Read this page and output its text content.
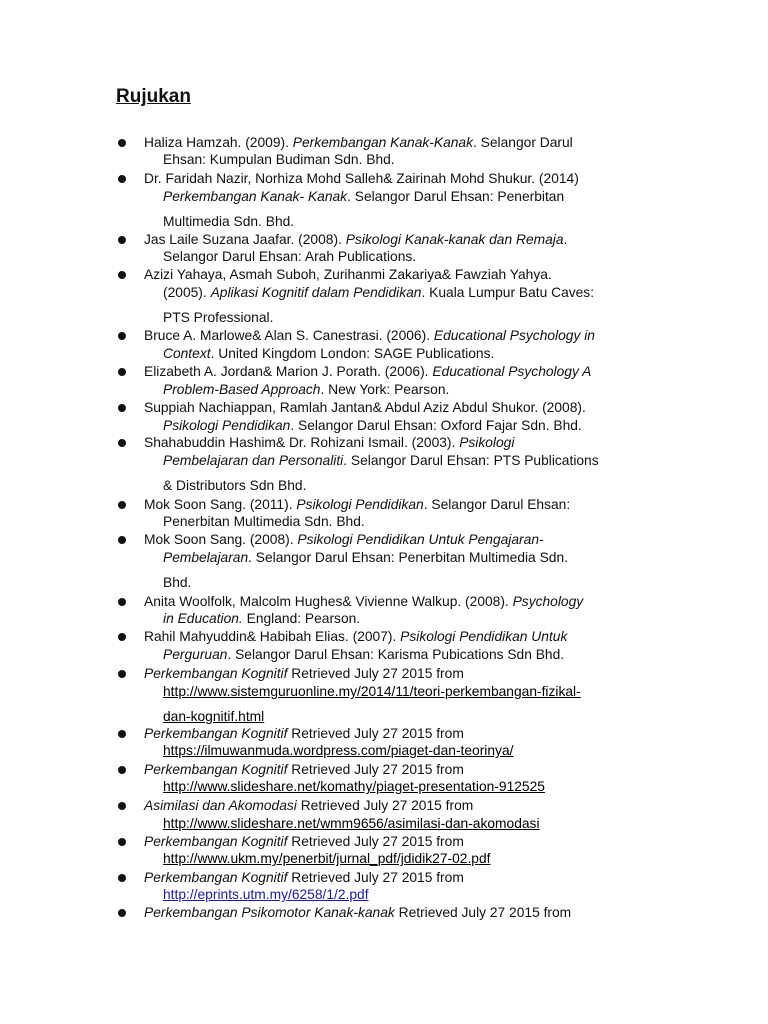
Rujukan
Haliza Hamzah. (2009). Perkembangan Kanak-Kanak. Selangor Darul
Ehsan: Kumpulan Budiman Sdn. Bhd.
Dr. Faridah Nazir, Norhiza Mohd Salleh& Zairinah Mohd Shukur. (2014)
Perkembangan Kanak- Kanak. Selangor Darul Ehsan: Penerbitan
Multimedia Sdn. Bhd.
Jas Laile Suzana Jaafar. (2008). Psikologi Kanak-kanak dan Remaja.
Selangor Darul Ehsan: Arah Publications.
Azizi Yahaya, Asmah Suboh, Zurihanmi Zakariya& Fawziah Yahya.
(2005). Aplikasi Kognitif dalam Pendidikan. Kuala Lumpur Batu Caves:
PTS Professional.
Bruce A. Marlowe& Alan S. Canestrasi. (2006). Educational Psychology in
Context. United Kingdom London: SAGE Publications.
Elizabeth A. Jordan& Marion J. Porath. (2006). Educational Psychology A
Problem-Based Approach. New York: Pearson.
Suppiah Nachiappan, Ramlah Jantan& Abdul Aziz Abdul Shukor. (2008).
Psikologi Pendidikan. Selangor Darul Ehsan: Oxford Fajar Sdn. Bhd.
Shahabuddin Hashim& Dr. Rohizani Ismail. (2003). Psikologi
Pembelajaran dan Personaliti. Selangor Darul Ehsan: PTS Publications
& Distributors Sdn Bhd.
Mok Soon Sang. (2011). Psikologi Pendidikan. Selangor Darul Ehsan:
Penerbitan Multimedia Sdn. Bhd.
Mok Soon Sang. (2008). Psikologi Pendidikan Untuk Pengajaran-
Pembelajaran. Selangor Darul Ehsan: Penerbitan Multimedia Sdn.
Bhd.
Anita Woolfolk, Malcolm Hughes& Vivienne Walkup. (2008). Psychology
in Education. England: Pearson.
Rahil Mahyuddin& Habibah Elias. (2007). Psikologi Pendidikan Untuk
Perguruan. Selangor Darul Ehsan: Karisma Pubications Sdn Bhd.
Perkembangan Kognitif Retrieved July 27 2015 from
http://www.sistemguruonline.my/2014/11/teori-perkembangan-fizikal-
dan-kognitif.html
Perkembangan Kognitif Retrieved July 27 2015 from
https://ilmuwanmuda.wordpress.com/piaget-dan-teorinya/
Perkembangan Kognitif Retrieved July 27 2015 from
http://www.slideshare.net/komathy/piaget-presentation-912525
Asimilasi dan Akomodasi Retrieved July 27 2015 from
http://www.slideshare.net/wmm9656/asimilasi-dan-akomodasi
Perkembangan Kognitif Retrieved July 27 2015 from
http://www.ukm.my/penerbit/jurnal_pdf/jdidik27-02.pdf
Perkembangan Kognitif Retrieved July 27 2015 from
http://eprints.utm.my/6258/1/2.pdf
Perkembangan Psikomotor Kanak-kanak Retrieved July 27 2015 from
